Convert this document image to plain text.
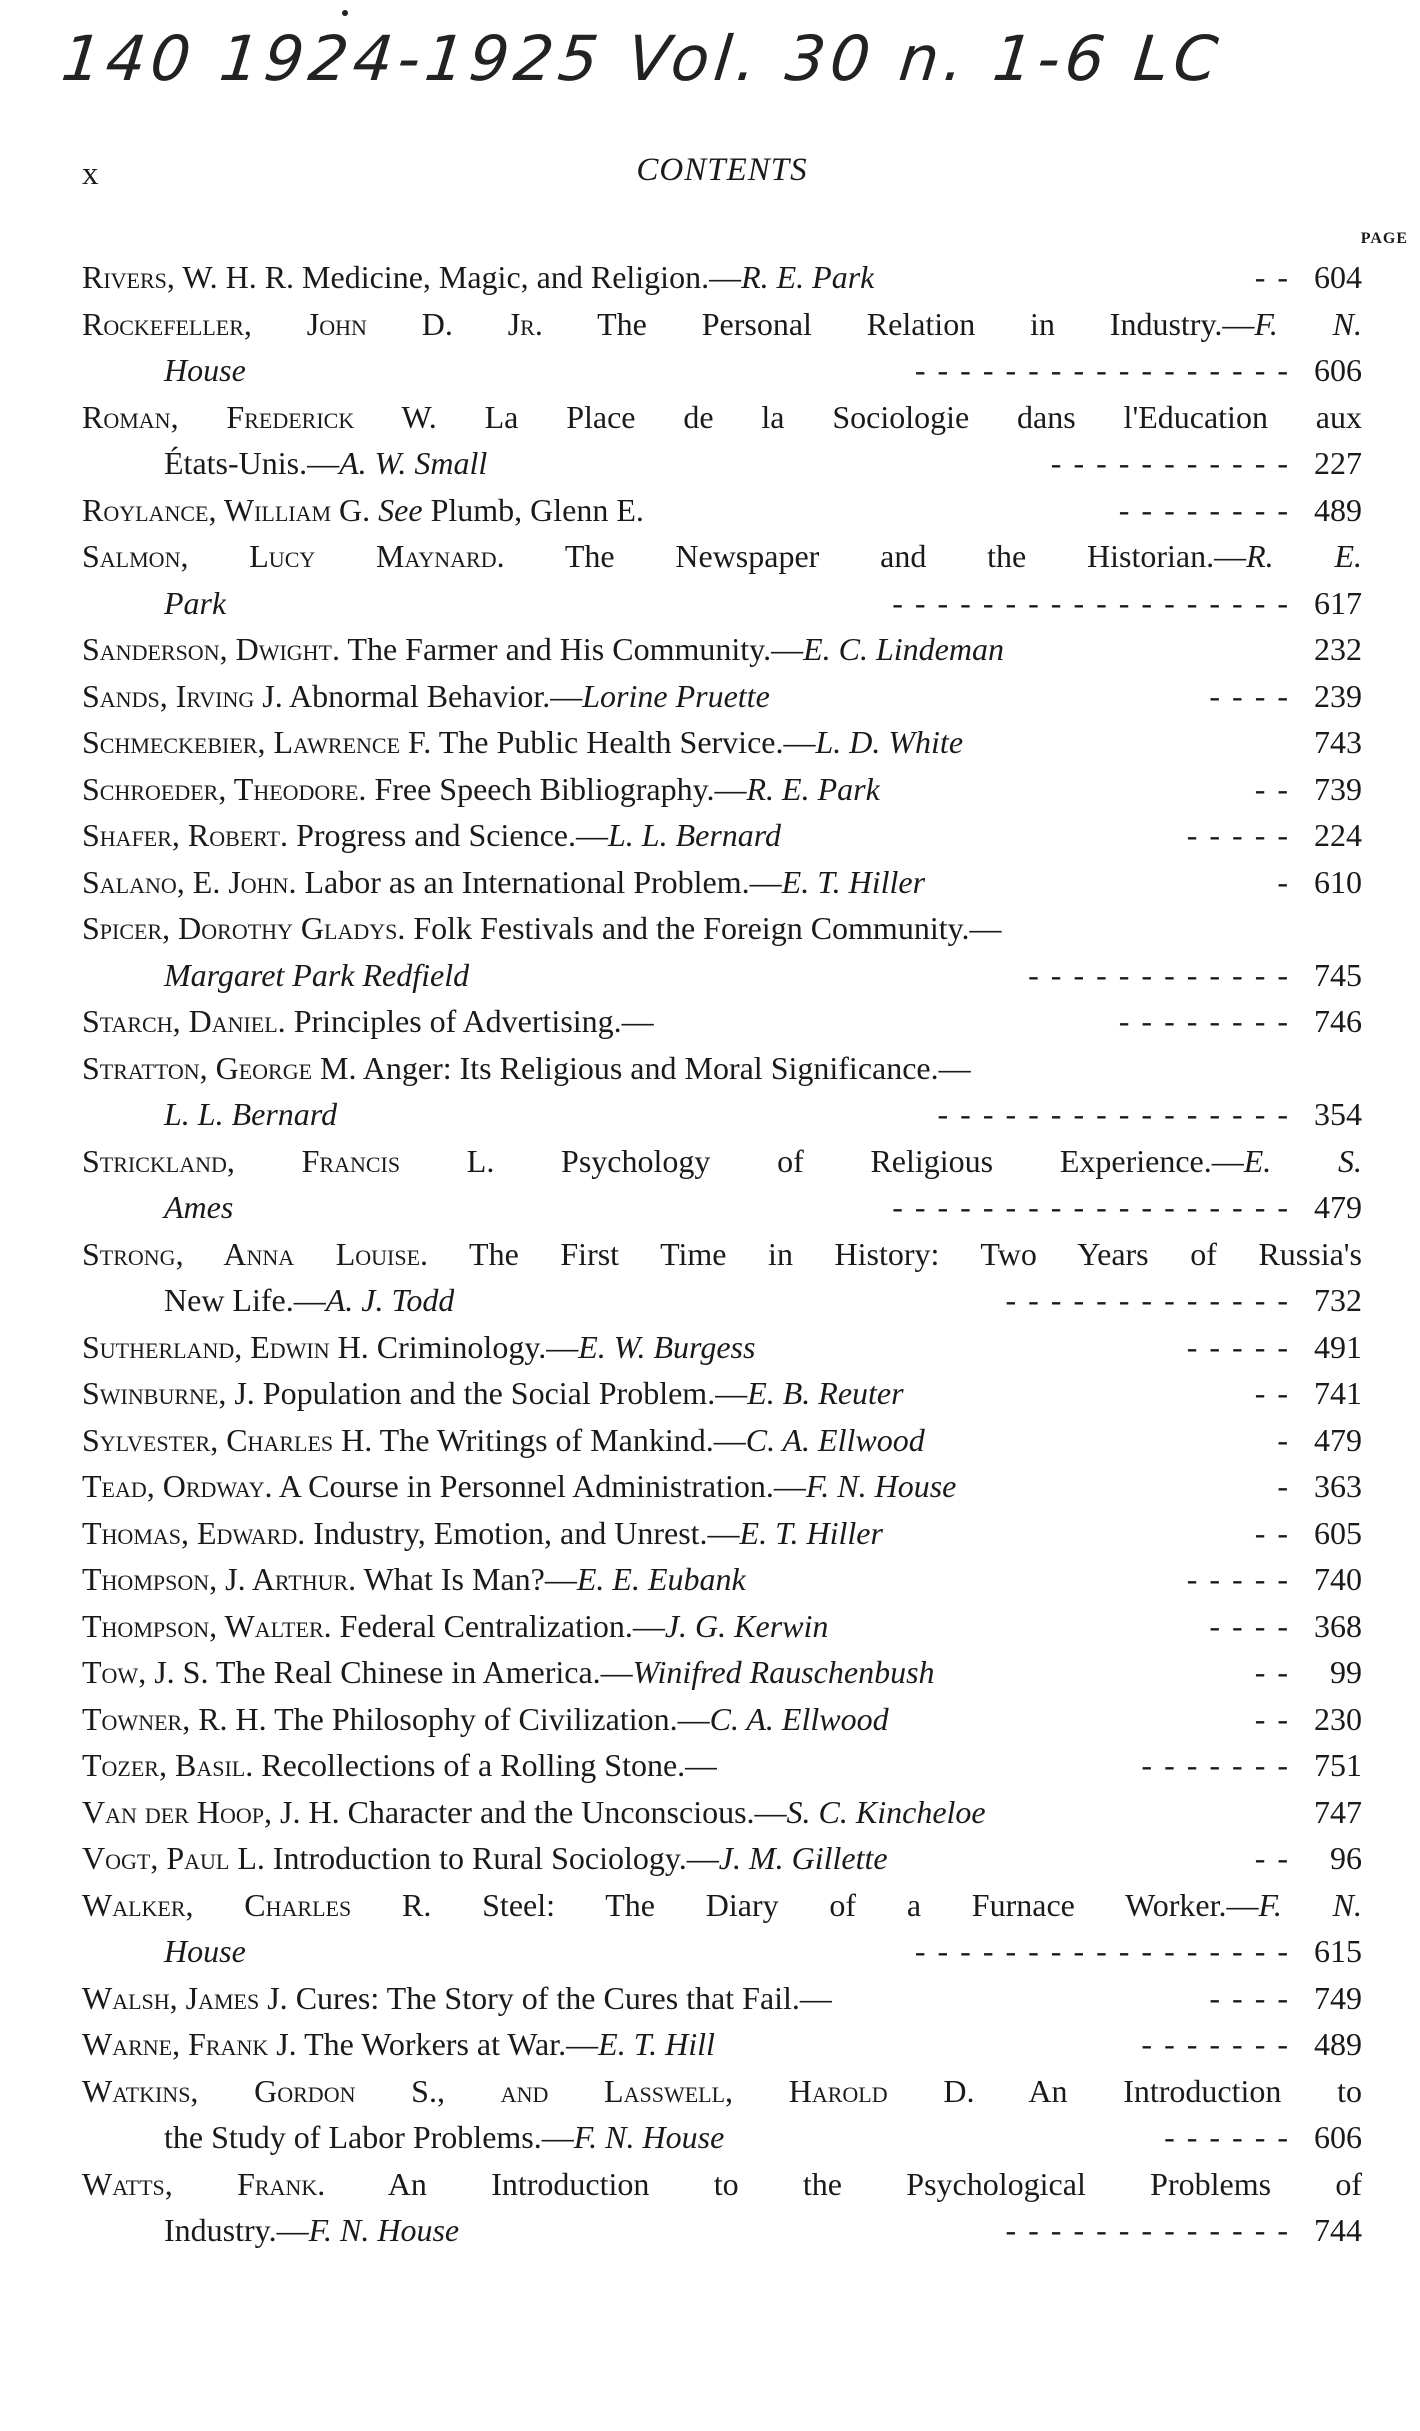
140 1924-1925 Vol. 30 n. 1-6 LC
x	CONTENTS
PAGE
Rivers, W. H. R. Medicine, Magic, and Religion.—R. E. Park	- - 604
Rockefeller, John D. Jr. The Personal Relation in Industry.—F. N.
House	- - - - - - - - - - - - - - - - - 606
Roman, Frederick W. La Place de la Sociologie dans l'Education aux
États-Unis.—A. W. Small	- - - - - - - - - - - 227
Roylance, William G. See Plumb, Glenn E.	- - - - - - - - 489
Salmon, Lucy Maynard. The Newspaper and the Historian.—R. E.
Park	- - - - - - - - - - - - - - - - - - 617
Sanderson, Dwight. The Farmer and His Community.—E. C. Lindeman	232
Sands, Irving J. Abnormal Behavior.—Lorine Pruette	- - - - 239
Schmeckebier, Lawrence F. The Public Health Service.—L. D. White	743
Schroeder, Theodore. Free Speech Bibliography.—R. E. Park	- - 739
Shafer, Robert. Progress and Science.—L. L. Bernard	- - - - - 224
Salano, E. John. Labor as an International Problem.—E. T. Hiller	- 610
Spicer, Dorothy Gladys. Folk Festivals and the Foreign Community.—
Margaret Park Redfield	- - - - - - - - - - - - 745
Starch, Daniel. Principles of Advertising.—	- - - - - - - - 746
Stratton, George M. Anger: Its Religious and Moral Significance.—
L. L. Bernard	- - - - - - - - - - - - - - - - 354
Strickland, Francis L. Psychology of Religious Experience.—E. S.
Ames	- - - - - - - - - - - - - - - - - - 479
Strong, Anna Louise. The First Time in History: Two Years of Russia's
New Life.—A. J. Todd	- - - - - - - - - - - - - 732
Sutherland, Edwin H. Criminology.—E. W. Burgess	- - - - - 491
Swinburne, J. Population and the Social Problem.—E. B. Reuter	- - 741
Sylvester, Charles H. The Writings of Mankind.—C. A. Ellwood	- 479
Tead, Ordway. A Course in Personnel Administration.—F. N. House	- 363
Thomas, Edward. Industry, Emotion, and Unrest.—E. T. Hiller	- - 605
Thompson, J. Arthur. What Is Man?—E. E. Eubank	- - - - - 740
Thompson, Walter. Federal Centralization.—J. G. Kerwin	- - - - 368
Tow, J. S. The Real Chinese in America.—Winifred Rauschenbush	- -	99
Towner, R. H. The Philosophy of Civilization.—C. A. Ellwood	- - 230
Tozer, Basil. Recollections of a Rolling Stone.—	- - - - - - - 751
Van der Hoop, J. H. Character and the Unconscious.—S. C. Kincheloe	747
Vogt, Paul L. Introduction to Rural Sociology.—J. M. Gillette	- -	96
Walker, Charles R. Steel: The Diary of a Furnace Worker.—F. N.
House	- - - - - - - - - - - - - - - - - 615
Walsh, James J. Cures: The Story of the Cures that Fail.—	- - - - 749
Warne, Frank J. The Workers at War.—E. T. Hill	- - - - - - - 489
Watkins, Gordon S., and Lasswell, Harold D. An Introduction to
the Study of Labor Problems.—F. N. House	- - - - - - 606
Watts, Frank. An Introduction to the Psychological Problems of
Industry.—F. N. House	- - - - - - - - - - - - - 744
